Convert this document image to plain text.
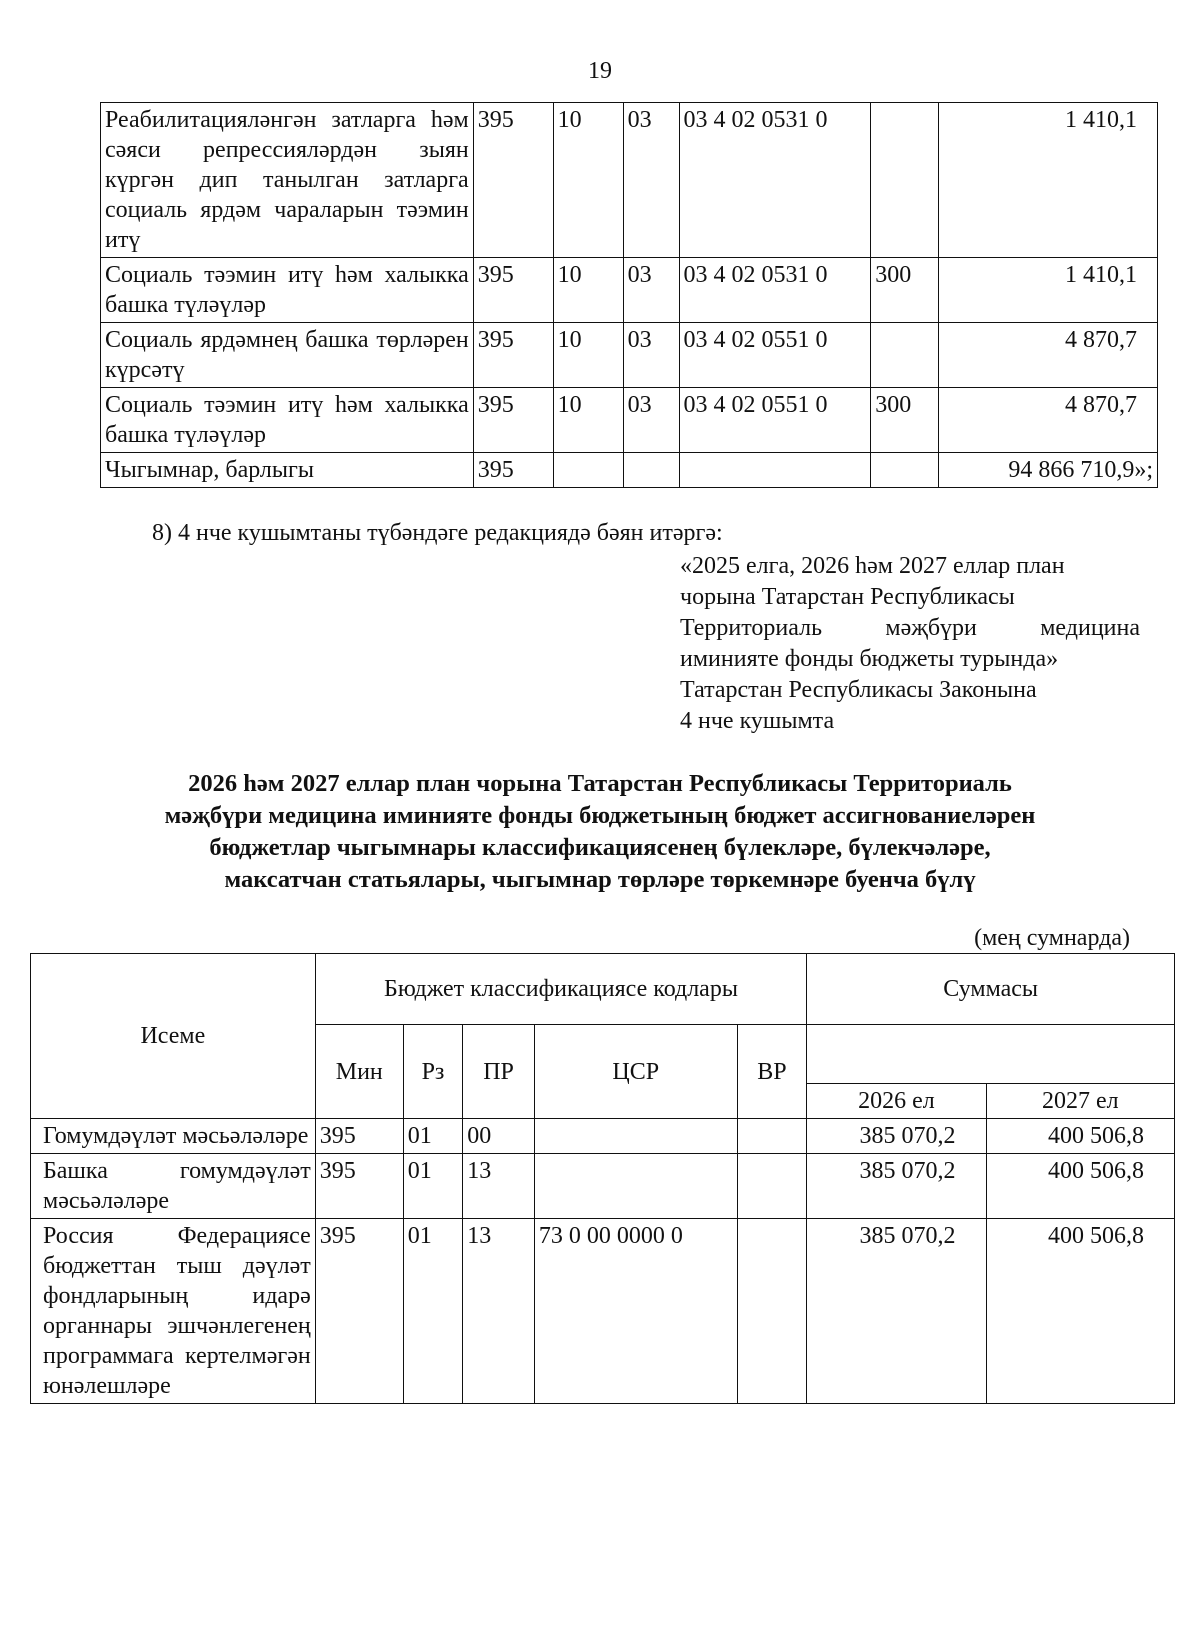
19
Реабилитацияләнгән затларга һәм сәяси репрессияләрдән зыян күргән дип танылган затларга социаль ярдәм чараларын тәэмин итү	395	10	03	03 4 02 0531 0		1 410,1
Социаль тәэмин итү һәм халыкка башка түләүләр	395	10	03	03 4 02 0531 0	300	1 410,1
Социаль ярдәмнең башка төрләрен күрсәтү	395	10	03	03 4 02 0551 0		4 870,7
Социаль тәэмин итү һәм халыкка башка түләүләр	395	10	03	03 4 02 0551 0	300	4 870,7
Чыгымнар, барлыгы	395					94 866 710,9»;
8) 4 нче кушымтаны түбәндәге редакциядә бәян итәргә:
«2025 елга, 2026 һәм 2027 еллар план
чорына Татарстан Республикасы
Территориаль мәҗбүри медицина
иминияте фонды бюджеты турында»
Татарстан Республикасы Законына
4 нче кушымта
2026 һәм 2027 еллар план чорына Татарстан Республикасы Территориаль
мәҗбүри медицина иминияте фонды бюджетының бюджет ассигнованиеләрен
бюджетлар чыгымнары классификациясенең бүлекләре, бүлекчәләре,
максатчан статьялары, чыгымнар төрләре төркемнәре буенча бүлү
(мең сумнарда)
Исеме	Бюджет классификациясе кодлары					Суммасы	
	Мин	Рз	ПР	ЦСР	ВР		
						2026 ел	2027 ел
Гомумдәүләт мәсьәләләре	395	01	00			385 070,2	400 506,8
Башка гомумдәүләт мәсьәләләре	395	01	13			385 070,2	400 506,8
Россия Федерациясе бюджеттан тыш дәүләт фондларының идарә органнары эшчәнлегенең программага кертелмәгән юнәлешләре	395	01	13	73 0 00 0000 0		385 070,2	400 506,8
